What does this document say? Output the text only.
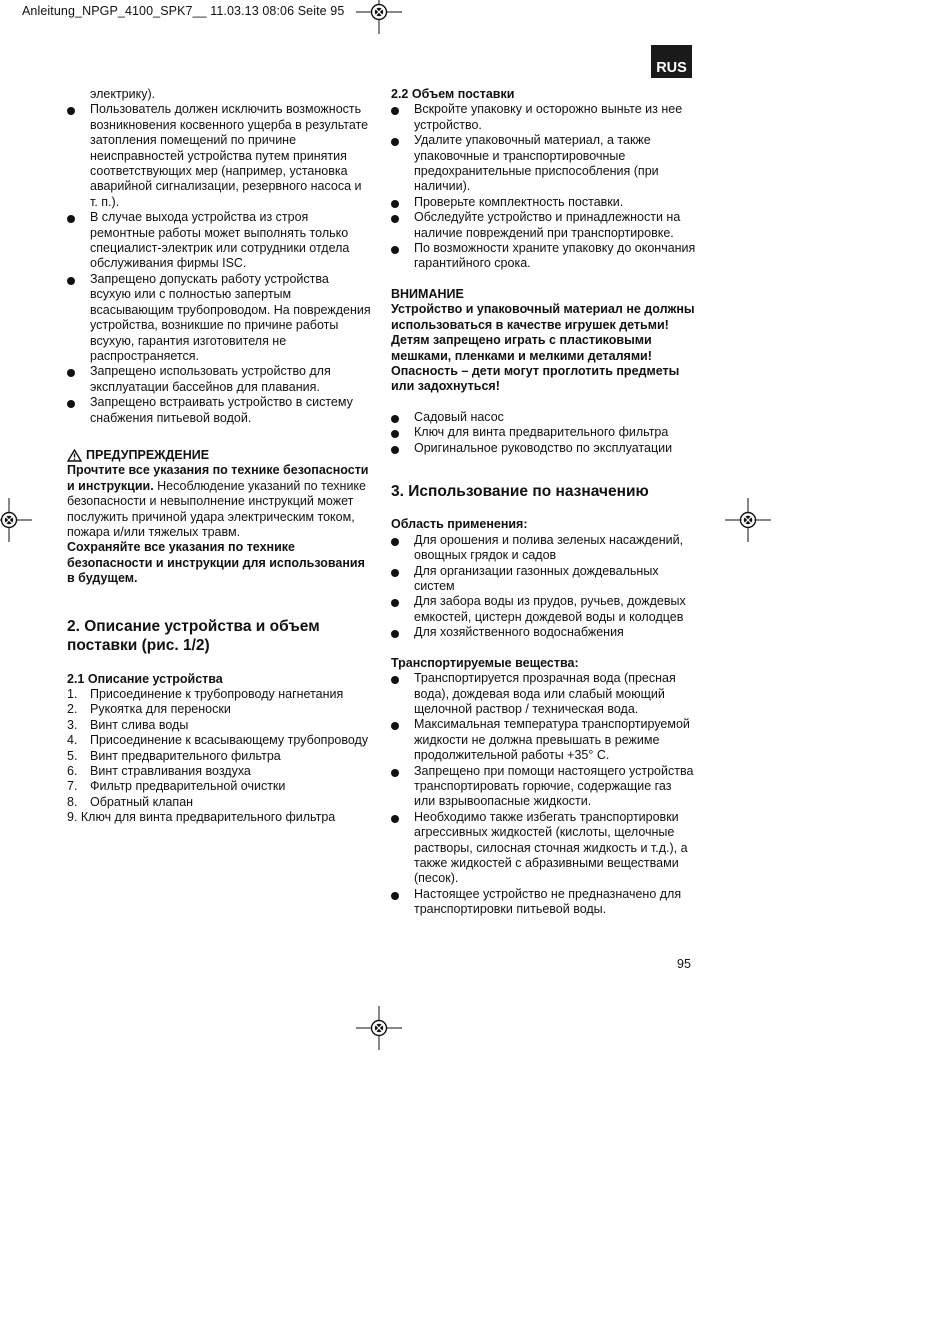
Anleitung_NPGP_4100_SPK7__ 11.03.13 08:06 Seite 95
RUS

электрику).

Пользователь должен исключить возможность возникновения косвенного ущерба в результате затопления помещений по причине неисправностей устройства путем принятия соответствующих мер (например, установка аварийной сигнализации, резервного насоса и т. п.).
В случае выхода устройства из строя ремонтные работы может выполнять только специалист-электрик или сотрудники отдела обслуживания фирмы ISC.
Запрещено допускать работу устройства всухую или с полностью запертым всасывающим трубопроводом. На повреждения устройства, возникшие по причине работы всухую, гарантия изготовителя не распространяется.
Запрещено использовать устройство для эксплуатации бассейнов для плавания.
Запрещено встраивать устройство в систему снабжения питьевой водой.
ПРЕДУПРЕЖДЕНИЕ

Прочтите все указания по технике безопасности и инструкции. Несоблюдение указаний по технике безопасности и невыполнение инструкций может послужить причиной удара электрическим током, пожара и/или тяжелых травм.

Сохраняйте все указания по технике безопасности и инструкции для использования в будущем.

2. Описание устройства и объем поставки (рис. 1/2)

2.1 Описание устройства

1. Присоединение к трубопроводу нагнетания
2. Рукоятка для переноски
3. Винт слива воды
4. Присоединение к всасывающему трубопроводу
5. Винт предварительного фильтра
6. Винт стравливания воздуха
7. Фильтр предварительной очистки
8. Обратный клапан

9. Ключ для винта предварительного фильтра

2.2 Объем поставки

Вскройте упаковку и осторожно выньте из нее устройство.
Удалите упаковочный материал, а также упаковочные и транспортировочные предохранительные приспособления (при наличии).
Проверьте комплектность поставки.
Обследуйте устройство и принадлежности на наличие повреждений при транспортировке.
По возможности храните упаковку до окончания гарантийного срока.

ВНИМАНИЕ

Устройство и упаковочный материал не должны использоваться в качестве игрушек детьми! Детям запрещено играть с пластиковыми мешками, пленками и мелкими деталями! Опасность – дети могут проглотить предметы или задохнуться!

Садовый насос
Ключ для винта предварительного фильтра
Оригинальное руководство по эксплуатации
3. Использование по назначению

Область применения:

Для орошения и полива зеленых насаждений, овощных грядок и садов
Для организации газонных дождевальных систем
Для забора воды из прудов, ручьев, дождевых емкостей, цистерн дождевой воды и колодцев
Для хозяйственного водоснабжения

Транспортируемые вещества:

Транспортируется прозрачная вода (пресная вода), дождевая вода или слабый моющий щелочной раствор / техническая вода.
Максимальная температура транспортируемой жидкости не должна превышать в режиме продолжительной работы +35° C.
Запрещено при помощи настоящего устройства транспортировать горючие, содержащие газ или взрывоопасные жидкости.
Необходимо также избегать транспортировки агрессивных жидкостей (кислоты, щелочные растворы, силосная сточная жидкость и т.д.), а также жидкостей с абразивными веществами (песок).
Настоящее устройство не предназначено для транспортировки питьевой воды.
95
